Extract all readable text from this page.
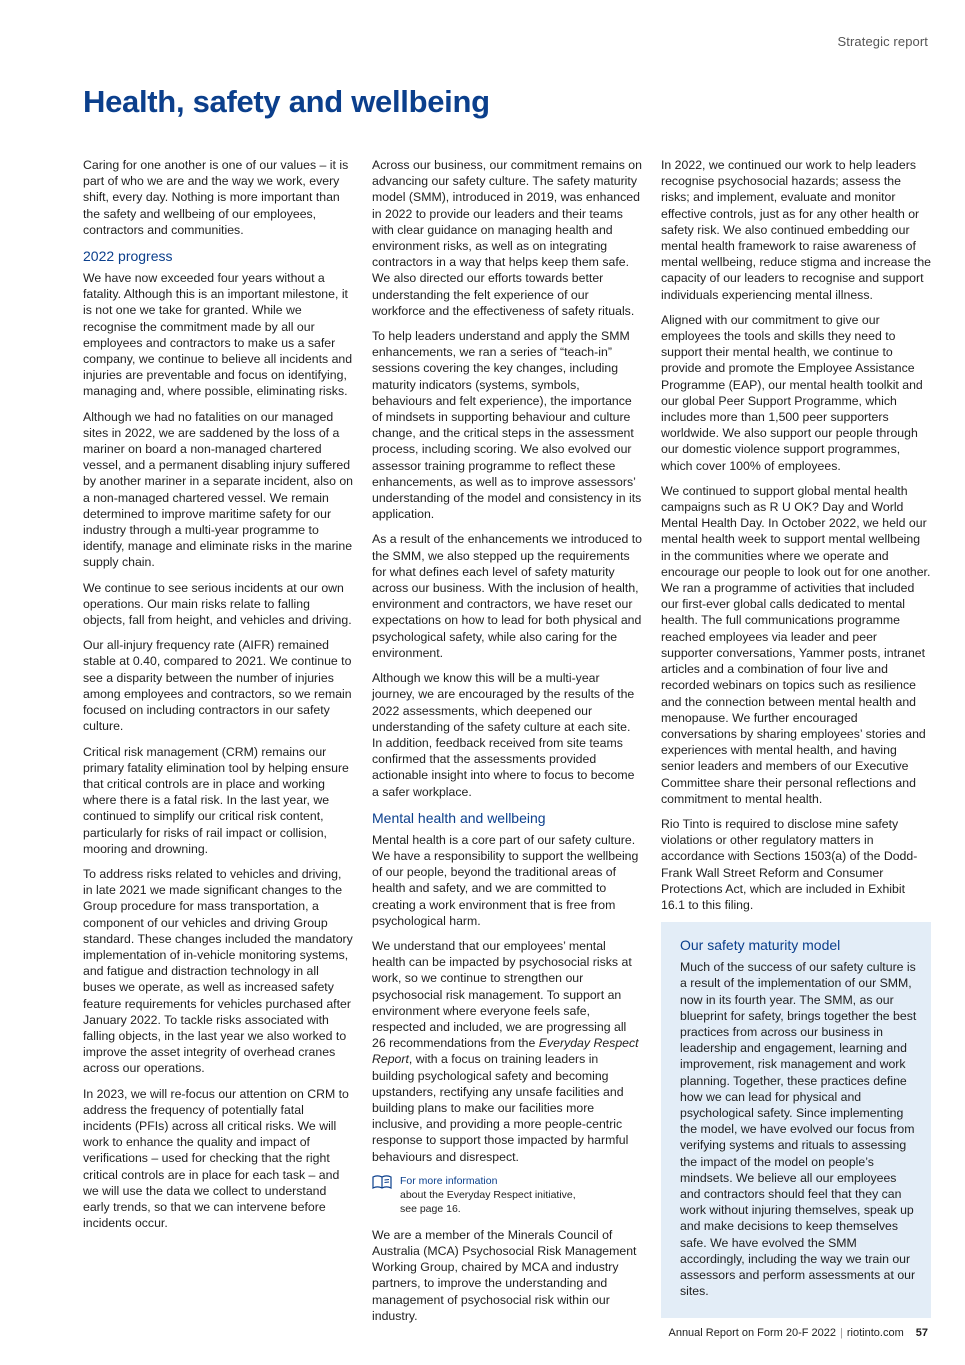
Strategic report
Health, safety and wellbeing

Caring for one another is one of our values – it is part of who we are and the way we work, every shift, every day. Nothing is more important than the safety and wellbeing of our employees, contractors and communities.

2022 progress

We have now exceeded four years without a fatality. Although this is an important milestone, it is not one we take for granted. While we recognise the commitment made by all our employees and contractors to make us a safer company, we continue to believe all incidents and injuries are preventable and focus on identifying, managing and, where possible, eliminating risks.

Although we had no fatalities on our managed sites in 2022, we are saddened by the loss of a mariner on board a non-managed chartered vessel, and a permanent disabling injury suffered by another mariner in a separate incident, also on a non-managed chartered vessel. We remain determined to improve maritime safety for our industry through a multi-year programme to identify, manage and eliminate risks in the marine supply chain.

We continue to see serious incidents at our own operations. Our main risks relate to falling objects, fall from height, and vehicles and driving.

Our all-injury frequency rate (AIFR) remained stable at 0.40, compared to 2021. We continue to see a disparity between the number of injuries among employees and contractors, so we remain focused on including contractors in our safety culture.

Critical risk management (CRM) remains our primary fatality elimination tool by helping ensure that critical controls are in place and working where there is a fatal risk. In the last year, we continued to simplify our critical risk content, particularly for risks of rail impact or collision, mooring and drowning.

To address risks related to vehicles and driving, in late 2021 we made significant changes to the Group procedure for mass transportation, a component of our vehicles and driving Group standard. These changes included the mandatory implementation of in-vehicle monitoring systems, and fatigue and distraction technology in all buses we operate, as well as increased safety feature requirements for vehicles purchased after January 2022. To tackle risks associated with falling objects, in the last year we also worked to improve the asset integrity of overhead cranes across our operations.

In 2023, we will re-focus our attention on CRM to address the frequency of potentially fatal incidents (PFIs) across all critical risks. We will work to enhance the quality and impact of verifications – used for checking that the right critical controls are in place for each task – and we will use the data we collect to understand early trends, so that we can intervene before incidents occur.

Across our business, our commitment remains on advancing our safety culture. The safety maturity model (SMM), introduced in 2019, was enhanced in 2022 to provide our leaders and their teams with clear guidance on managing health and environment risks, as well as on integrating contractors in a way that helps keep them safe. We also directed our efforts towards better understanding the felt experience of our workforce and the effectiveness of safety rituals.

To help leaders understand and apply the SMM enhancements, we ran a series of “teach-in” sessions covering the key changes, including maturity indicators (systems, symbols, behaviours and felt experience), the importance of mindsets in supporting behaviour and culture change, and the critical steps in the assessment process, including scoring. We also evolved our assessor training programme to reflect these enhancements, as well as to improve assessors’ understanding of the model and consistency in its application.

As a result of the enhancements we introduced to the SMM, we also stepped up the requirements for what defines each level of safety maturity across our business. With the inclusion of health, environment and contractors, we have reset our expectations on how to lead for both physical and psychological safety, while also caring for the environment.

Although we know this will be a multi-year journey, we are encouraged by the results of the 2022 assessments, which deepened our understanding of the safety culture at each site. In addition, feedback received from site teams confirmed that the assessments provided actionable insight into where to focus to become a safer workplace.

Mental health and wellbeing

Mental health is a core part of our safety culture. We have a responsibility to support the wellbeing of our people, beyond the traditional areas of health and safety, and we are committed to creating a work environment that is free from psychological harm.

We understand that our employees’ mental health can be impacted by psychosocial risks at work, so we continue to strengthen our psychosocial risk management. To support an environment where everyone feels safe, respected and included, we are progressing all 26 recommendations from the Everyday Respect Report, with a focus on training leaders in building psychological safety and becoming upstanders, rectifying any unsafe facilities and building plans to make our facilities more inclusive, and providing a more people-centric response to support those impacted by harmful behaviours and disrespect.

For more information
about the Everyday Respect initiative,
see page 16.

We are a member of the Minerals Council of Australia (MCA) Psychosocial Risk Management Working Group, chaired by MCA and industry partners, to improve the understanding and management of psychosocial risk within our industry.

In 2022, we continued our work to help leaders recognise psychosocial hazards; assess the risks; and implement, evaluate and monitor effective controls, just as for any other health or safety risk. We also continued embedding our mental health framework to raise awareness of mental wellbeing, reduce stigma and increase the capacity of our leaders to recognise and support individuals experiencing mental illness.

Aligned with our commitment to give our employees the tools and skills they need to support their mental health, we continue to provide and promote the Employee Assistance Programme (EAP), our mental health toolkit and our global Peer Support Programme, which includes more than 1,500 peer supporters worldwide. We also support our people through our domestic violence support programmes, which cover 100% of employees.

We continued to support global mental health campaigns such as R U OK? Day and World Mental Health Day. In October 2022, we held our mental health week to support mental wellbeing in the communities where we operate and encourage our people to look out for one another. We ran a programme of activities that included our first-ever global calls dedicated to mental health. The full communications programme reached employees via leader and peer supporter conversations, Yammer posts, intranet articles and a combination of four live and recorded webinars on topics such as resilience and the connection between mental health and menopause. We further encouraged conversations by sharing employees’ stories and experiences with mental health, and having senior leaders and members of our Executive Committee share their personal reflections and commitment to mental health.

Rio Tinto is required to disclose mine safety violations or other regulatory matters in accordance with Sections 1503(a) of the Dodd-Frank Wall Street Reform and Consumer Protections Act, which are included in Exhibit 16.1 to this filing.

Our safety maturity model

Much of the success of our safety culture is a result of the implementation of our SMM, now in its fourth year. The SMM, as our blueprint for safety, brings together the best practices from across our business in leadership and engagement, learning and improvement, risk management and work planning. Together, these practices define how we can lead for physical and psychological safety. Since implementing the model, we have evolved our focus from verifying systems and rituals to assessing the impact of the model on people’s mindsets. We believe all our employees and contractors should feel that they can work without injuring themselves, speak up and make decisions to keep themselves safe. We have evolved the SMM accordingly, including the way we train our assessors and perform assessments at our sites.

Annual Report on Form 20-F 2022 | riotinto.com 57
